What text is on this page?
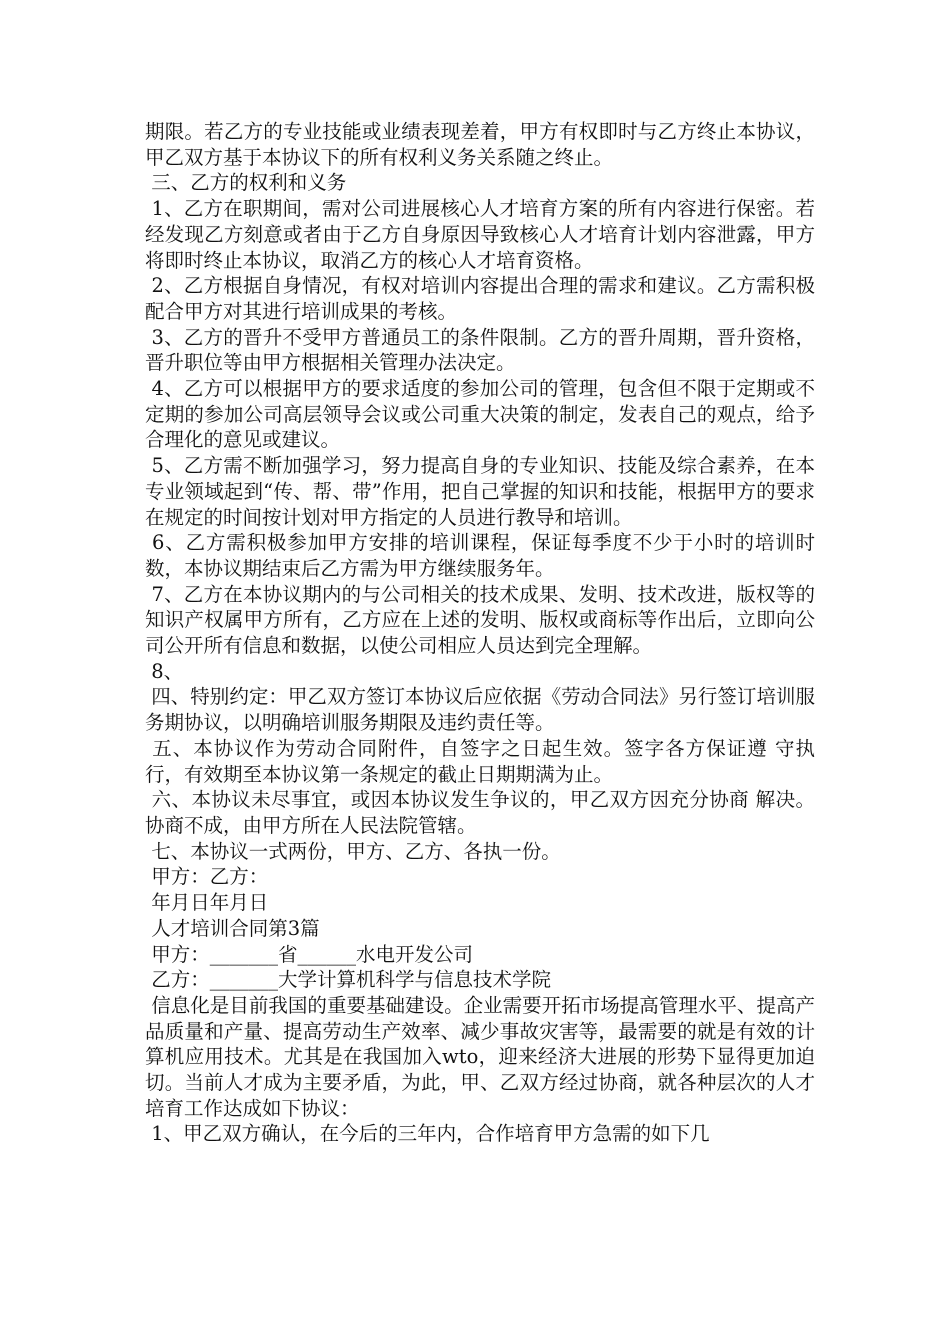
期限。若乙方的专业技能或业绩表现差着，甲方有权即时与乙方终止本协议，甲乙双方基于本协议下的所有权利义务关系随之终止。

三、乙方的权利和义务

1、乙方在职期间，需对公司进展核心人才培育方案的所有内容进行保密。若经发现乙方刻意或者由于乙方自身原因导致核心人才培育计划内容泄露，甲方将即时终止本协议，取消乙方的核心人才培育资格。

2、乙方根据自身情况，有权对培训内容提出合理的需求和建议。乙方需积极配合甲方对其进行培训成果的考核。

3、乙方的晋升不受甲方普通员工的条件限制。乙方的晋升周期，晋升资格，晋升职位等由甲方根据相关管理办法决定。

4、乙方可以根据甲方的要求适度的参加公司的管理，包含但不限于定期或不定期的参加公司高层领导会议或公司重大决策的制定，发表自己的观点，给予合理化的意见或建议。

5、乙方需不断加强学习，努力提高自身的专业知识、技能及综合素养，在本专业领域起到“传、帮、带”作用，把自己掌握的知识和技能，根据甲方的要求在规定的时间按计划对甲方指定的人员进行教导和培训。

6、乙方需积极参加甲方安排的培训课程，保证每季度不少于小时的培训时数，本协议期结束后乙方需为甲方继续服务年。

7、乙方在本协议期内的与公司相关的技术成果、发明、技术改进，版权等的知识产权属甲方所有，乙方应在上述的发明、版权或商标等作出后，立即向公司公开所有信息和数据，以使公司相应人员达到完全理解。

8、

四、特别约定：甲乙双方签订本协议后应依据《劳动合同法》另行签订培训服务期协议，以明确培训服务期限及违约责任等。

五、本协议作为劳动合同附件，自签字之日起生效。签字各方保证遵 守执行，有效期至本协议第一条规定的截止日期期满为止。

六、本协议未尽事宜，或因本协议发生争议的，甲乙双方因充分协商 解决。协商不成，由甲方所在人民法院管辖。

七、本协议一式两份，甲方、乙方、各执一份。

甲方：乙方：

年月日年月日

人才培训合同第3篇

甲方：_______省______水电开发公司

乙方：_______大学计算机科学与信息技术学院

信息化是目前我国的重要基础建设。企业需要开拓市场提高管理水平、提高产品质量和产量、提高劳动生产效率、减少事故灾害等，最需要的就是有效的计算机应用技术。尤其是在我国加入wto，迎来经济大进展的形势下显得更加迫切。当前人才成为主要矛盾，为此，甲、乙双方经过协商，就各种层次的人才培育工作达成如下协议：

1、甲乙双方确认，在今后的三年内，合作培育甲方急需的如下几
